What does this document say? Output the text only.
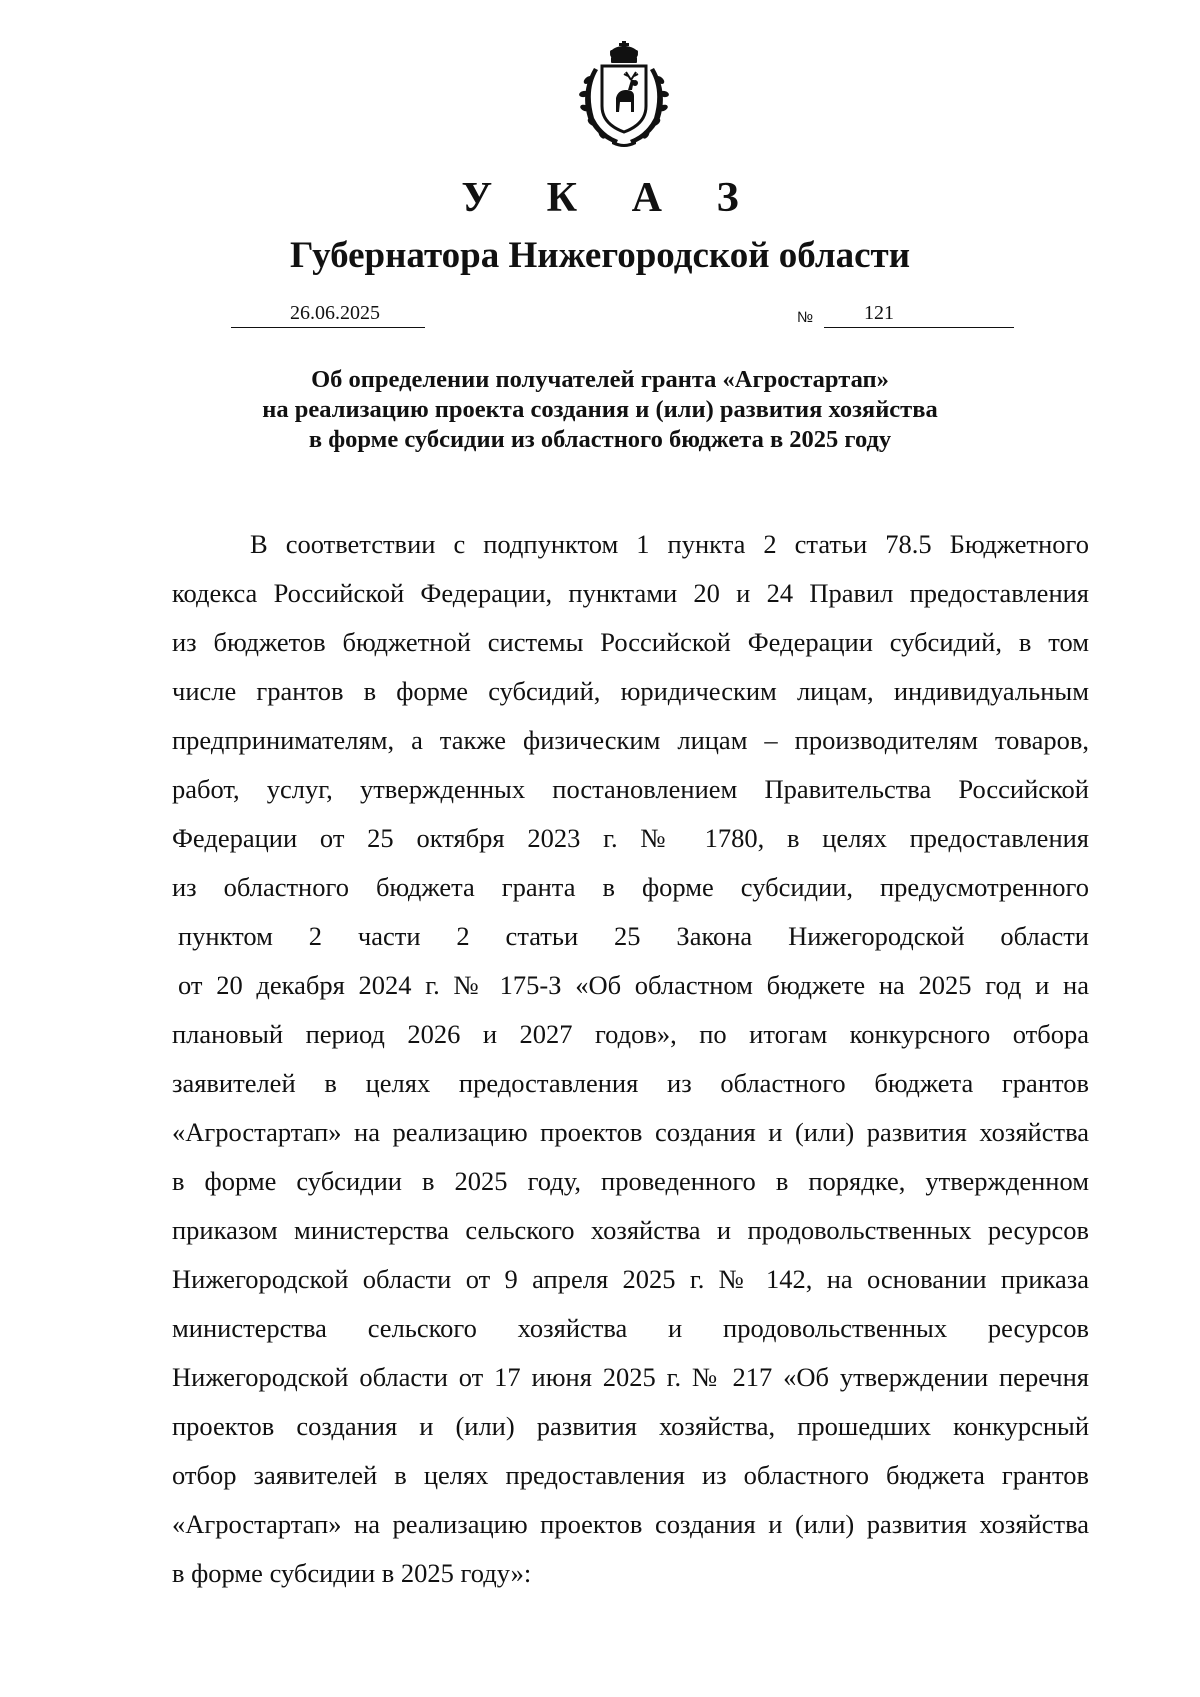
У К А З
Губернатора Нижегородской области
26.06.2025	№	121
Об определении получателей гранта «Агростартап»
на реализацию проекта создания и (или) развития хозяйства
в форме субсидии из областного бюджета в 2025 году
В соответствии с подпунктом 1 пункта 2 статьи 78.5 Бюджетного
кодекса Российской Федерации, пунктами 20 и 24 Правил предоставления
из бюджетов бюджетной системы Российской Федерации субсидий, в том
числе грантов в форме субсидий, юридическим лицам, индивидуальным
предпринимателям, а также физическим лицам – производителям товаров,
работ, услуг, утвержденных постановлением Правительства Российской
Федерации от 25 октября 2023 г. № 1780, в целях предоставления
из областного бюджета гранта в форме субсидии, предусмотренного
пунктом 2 части 2 статьи 25 Закона Нижегородской области
от 20 декабря 2024 г. № 175-З «Об областном бюджете на 2025 год и на
плановый период 2026 и 2027 годов», по итогам конкурсного отбора
заявителей в целях предоставления из областного бюджета грантов
«Агростартап» на реализацию проектов создания и (или) развития хозяйства
в форме субсидии в 2025 году, проведенного в порядке, утвержденном
приказом министерства сельского хозяйства и продовольственных ресурсов
Нижегородской области от 9 апреля 2025 г. № 142, на основании приказа
министерства сельского хозяйства и продовольственных ресурсов
Нижегородской области от 17 июня 2025 г. № 217 «Об утверждении перечня
проектов создания и (или) развития хозяйства, прошедших конкурсный
отбор заявителей в целях предоставления из областного бюджета грантов
«Агростартап» на реализацию проектов создания и (или) развития хозяйства
в форме субсидии в 2025 году»:
